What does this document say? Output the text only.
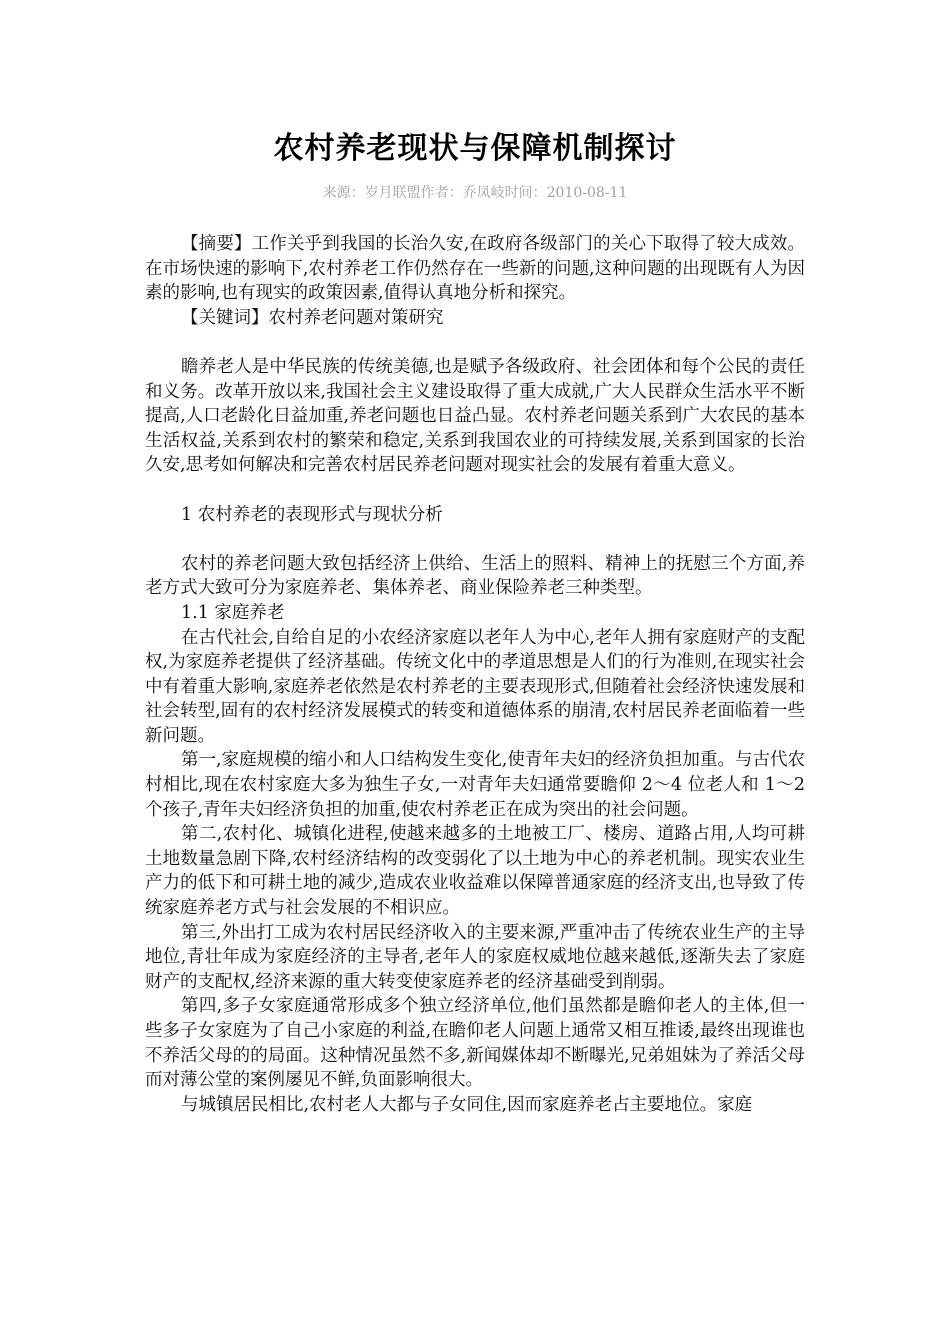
农村养老现状与保障机制探讨
来源：岁月联盟作者：乔凤岐时间：2010-08-11

【摘要】工作关乎到我国的长治久安,在政府各级部门的关心下取得了较大成效。在市场快速的影响下,农村养老工作仍然存在一些新的问题,这种问题的出现既有人为因素的影响,也有现实的政策因素,值得认真地分析和探究。

【关键词】农村养老问题对策研究

瞻养老人是中华民族的传统美德,也是赋予各级政府、社会团体和每个公民的责任和义务。改革开放以来,我国社会主义建设取得了重大成就,广大人民群众生活水平不断提高,人口老龄化日益加重,养老问题也日益凸显。农村养老问题关系到广大农民的基本生活权益,关系到农村的繁荣和稳定,关系到我国农业的可持续发展,关系到国家的长治久安,思考如何解决和完善农村居民养老问题对现实社会的发展有着重大意义。

1 农村养老的表现形式与现状分析

农村的养老问题大致包括经济上供给、生活上的照料、精神上的抚慰三个方面,养老方式大致可分为家庭养老、集体养老、商业保险养老三种类型。

1.1 家庭养老

在古代社会,自给自足的小农经济家庭以老年人为中心,老年人拥有家庭财产的支配权,为家庭养老提供了经济基础。传统文化中的孝道思想是人们的行为准则,在现实社会中有着重大影响,家庭养老依然是农村养老的主要表现形式,但随着社会经济快速发展和社会转型,固有的农村经济发展模式的转变和道德体系的崩清,农村居民养老面临着一些新问题。

第一,家庭规模的缩小和人口结构发生变化,使青年夫妇的经济负担加重。与古代农村相比,现在农村家庭大多为独生子女,一对青年夫妇通常要瞻仰 2～4 位老人和 1～2 个孩子,青年夫妇经济负担的加重,使农村养老正在成为突出的社会问题。

第二,农村化、城镇化进程,使越来越多的土地被工厂、楼房、道路占用,人均可耕土地数量急剧下降,农村经济结构的改变弱化了以土地为中心的养老机制。现实农业生产力的低下和可耕土地的减少,造成农业收益难以保障普通家庭的经济支出,也导致了传统家庭养老方式与社会发展的不相识应。

第三,外出打工成为农村居民经济收入的主要来源,严重冲击了传统农业生产的主导地位,青壮年成为家庭经济的主导者,老年人的家庭权威地位越来越低,逐渐失去了家庭财产的支配权,经济来源的重大转变使家庭养老的经济基础受到削弱。

第四,多子女家庭通常形成多个独立经济单位,他们虽然都是瞻仰老人的主体,但一些多子女家庭为了自己小家庭的利益,在瞻仰老人问题上通常又相互推诿,最终出现谁也不养活父母的的局面。这种情况虽然不多,新闻媒体却不断曝光,兄弟姐妹为了养活父母而对薄公堂的案例屡见不鲜,负面影响很大。

与城镇居民相比,农村老人大都与子女同住,因而家庭养老占主要地位。家庭
